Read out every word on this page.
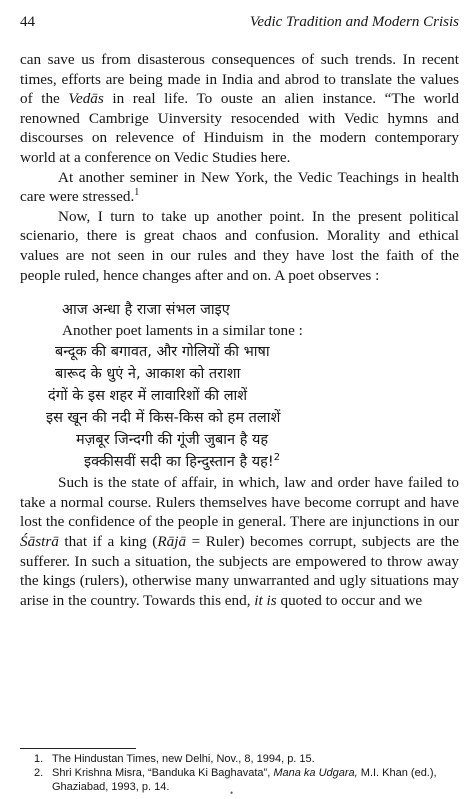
44	Vedic Tradition and Modern Crisis

can save us from disasterous consequences of such trends. In recent times, efforts are being made in India and abrod to translate the values of the Vedās in real life. To ouste an alien instance. “The world renowned Cambrige Uinversity resocended with Vedic hymns and discourses on relevence of Hinduism in the modern contemporary world at a conference on Vedic Studies here.

At another seminer in New York, the Vedic Teachings in health care were stressed.$^1$

Now, I turn to take up another point. In the present political scienario, there is great chaos and confusion. Morality and ethical values are not seen in our rules and they have lost the faith of the people ruled, hence changes after and on. A poet observes :

आज अन्धा है राजा संभल जाइए

Another poet laments in a similar tone :

बन्दूक की बगावत, और गोलियों की भाषा

बारूद के धुएं ने, आकाश को तराशा

दंगों के इस शहर में लावारिशों की लाशें

इस खून की नदी में किस-किस को हम तलाशें

मज़बूर जिन्दगी की गूंजी जुबान है यह

इक्कीसवीं सदी का हिन्दुस्तान है यह!$^2$

Such is the state of affair, in which, law and order have failed to take a normal course. Rulers themselves have become corrupt and have lost the confidence of the people in general. There are injunctions in our Śāstrā that if a king (Rājā = Ruler) becomes corrupt, subjects are the sufferer. In such a situation, the subjects are empowered to throw away the kings (rulers), otherwise many unwarranted and ugly situations may arise in the country. Towards this end, it is quoted to occur and we

1. The Hindustan Times, new Delhi, Nov., 8, 1994, p. 15.

2. Shri Krishna Misra, “Banduka Ki Baghavata”, Mana ka Udgara, M.I. Khan (ed.), Ghaziabad, 1993, p. 14.	•
